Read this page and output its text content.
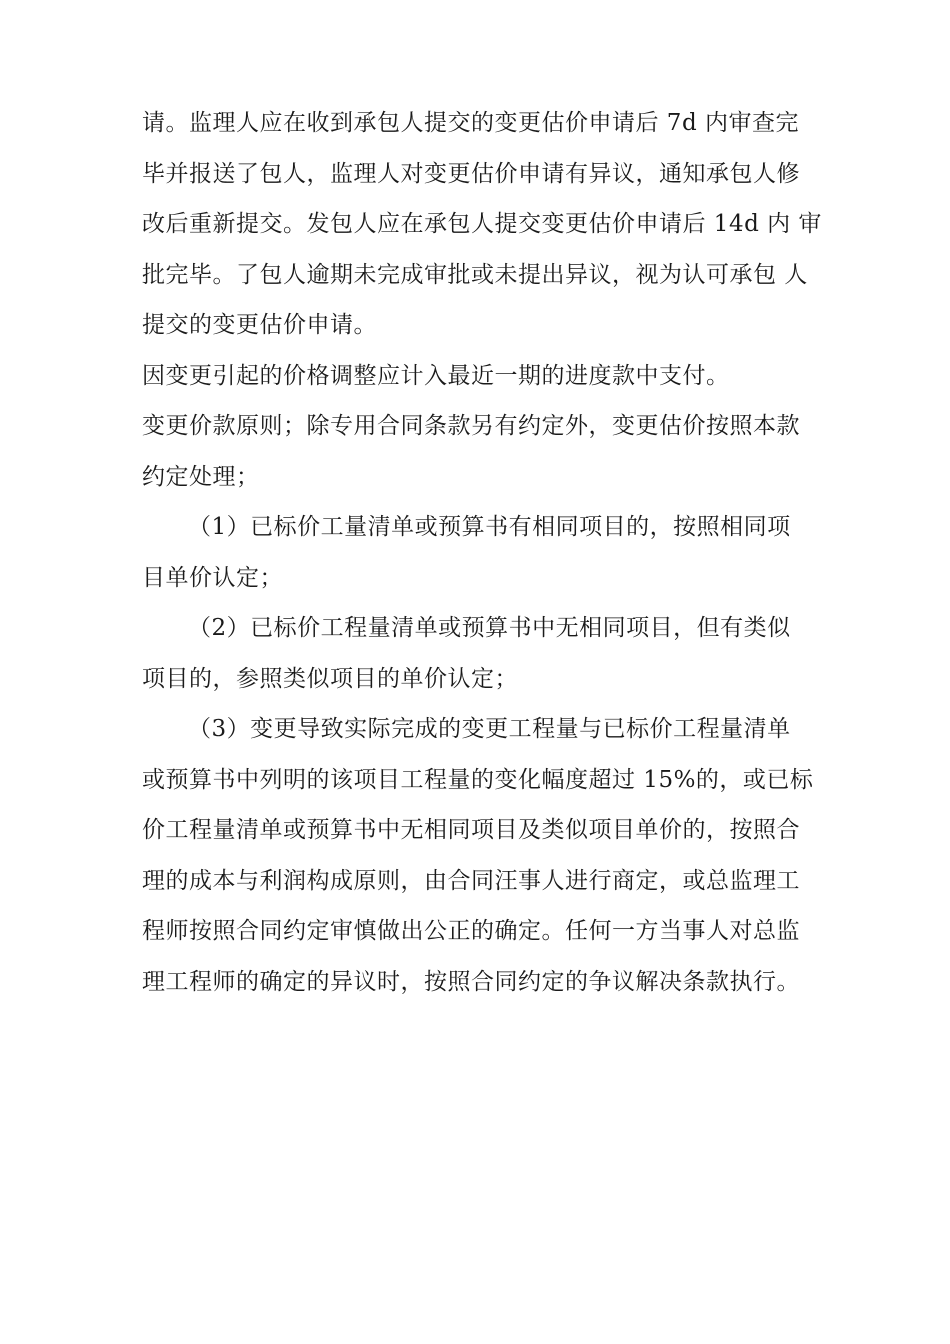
请。监理人应在收到承包人提交的变更估价申请后 7d 内审查完
毕并报送了包人，监理人对变更估价申请有异议，通知承包人修
改后重新提交。发包人应在承包人提交变更估价申请后 14d 内 审
批完毕。了包人逾期未完成审批或未提出异议，视为认可承包 人
提交的变更估价申请。
因变更引起的价格调整应计入最近一期的进度款中支付。
变更价款原则；除专用合同条款另有约定外，变更估价按照本款
约定处理；
（1）已标价工量清单或预算书有相同项目的，按照相同项
目单价认定；
（2）已标价工程量清单或预算书中无相同项目，但有类似
项目的，参照类似项目的单价认定；
（3）变更导致实际完成的变更工程量与已标价工程量清单
或预算书中列明的该项目工程量的变化幅度超过 15%的，或已标
价工程量清单或预算书中无相同项目及类似项目单价的，按照合
理的成本与利润构成原则，由合同汪事人进行商定，或总监理工
程师按照合同约定审慎做出公正的确定。任何一方当事人对总监
理工程师的确定的异议时，按照合同约定的争议解决条款执行。
